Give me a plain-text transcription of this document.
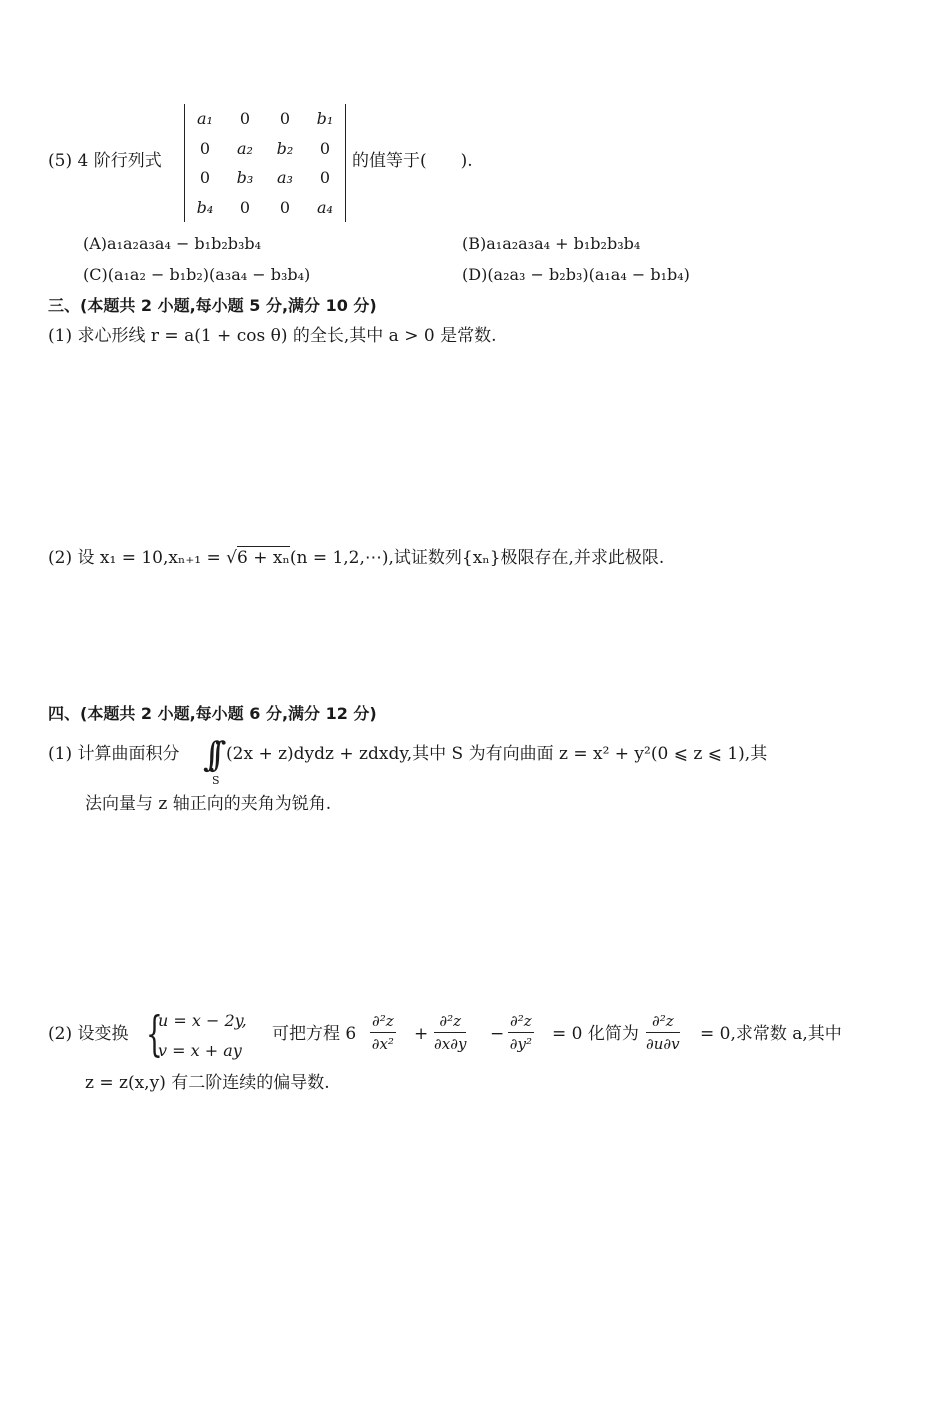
(5) 4 阶行列式
a₁	0	0	b₁
0	a₂	b₂	0
0	b₃	a₃	0
b₄	0	0	a₄
的值等于(　　).
(A)a₁a₂a₃a₄ − b₁b₂b₃b₄	(B)a₁a₂a₃a₄ + b₁b₂b₃b₄
(C)(a₁a₂ − b₁b₂)(a₃a₄ − b₃b₄)	(D)(a₂a₃ − b₂b₃)(a₁a₄ − b₁b₄)
三、(本题共 2 小题,每小题 5 分,满分 10 分)
(1) 求心形线 r = a(1 + cos θ) 的全长,其中 a > 0 是常数.
(2) 设 x₁ = 10,xₙ₊₁ = √6 + xₙ(n = 1,2,⋯),试证数列{xₙ}极限存在,并求此极限.
四、(本题共 2 小题,每小题 6 分,满分 12 分)
(1) 计算曲面积分 ∫∫
S
(2x + z)dydz + zdxdy,其中 S 为有向曲面 z = x² + y²(0 ⩽ z ⩽ 1),其
法向量与 z 轴正向的夹角为锐角.
(2) 设变换 {
u = x − 2y,
v = x + ay
可把方程 $6 \frac{\text{∂²z}}{\text{∂x²}} + \frac{\text{∂²z}}{\partial x\partial y} - \frac{\text{∂²z}}{\text{∂y²}} = 0$ 化简为 $\frac{\text{∂²z}}{\partial u\partial v} = 0$,求常数 a,其中
z = z(x,y) 有二阶连续的偏导数.
